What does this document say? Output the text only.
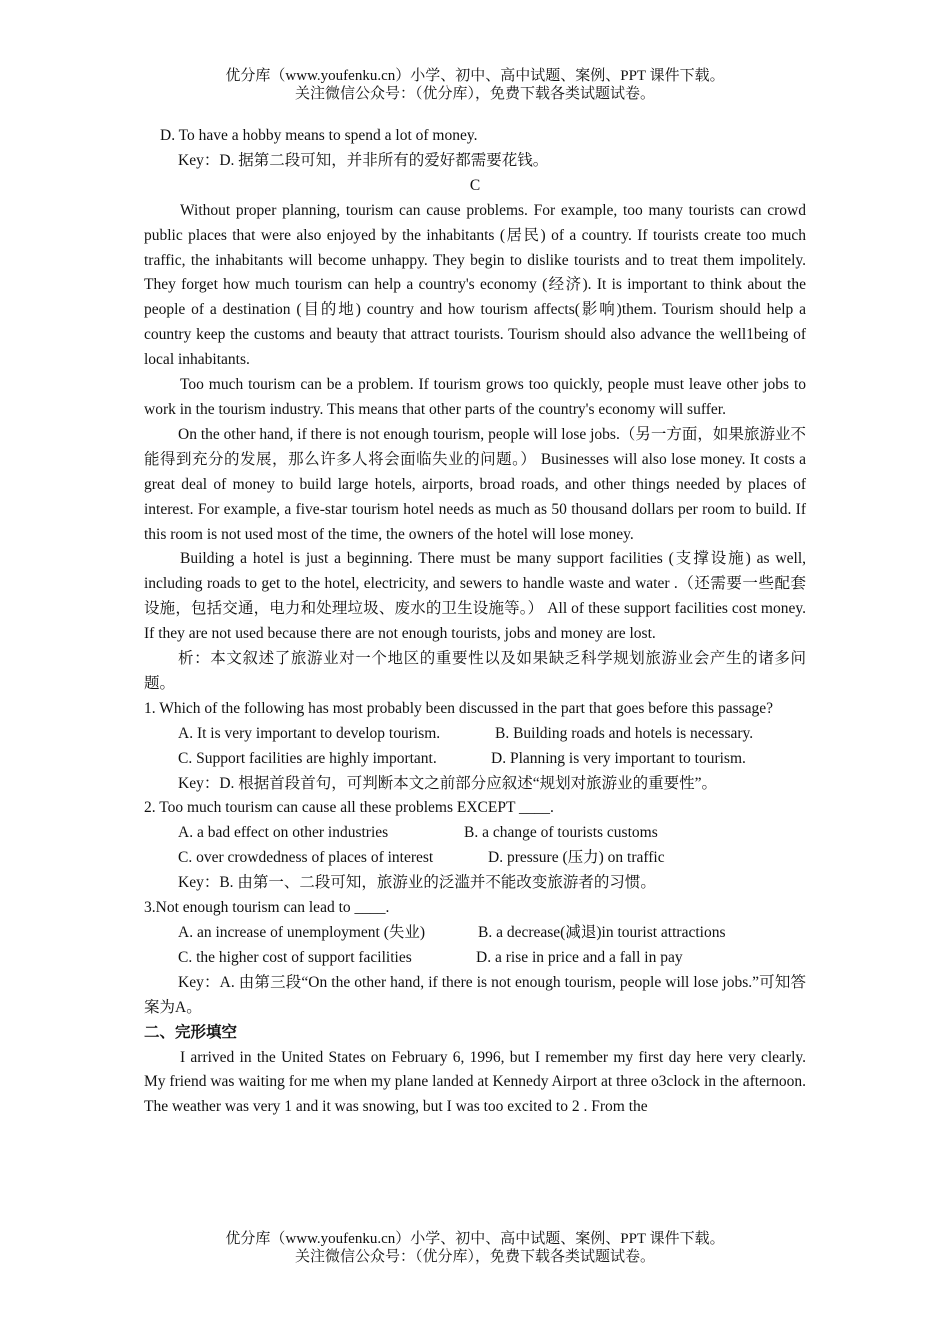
优分库（www.youfenku.cn）小学、初中、高中试题、案例、PPT 课件下载。
关注微信公众号：（优分库），免费下载各类试题试卷。

D. To have a hobby means to spend a lot of money.

Key：D. 据第二段可知，并非所有的爱好都需要花钱。

C

Without proper planning, tourism can cause problems. For example, too many tourists can crowd public places that were also enjoyed by the inhabitants (居民) of a country. If tourists create too much traffic, the inhabitants will become unhappy. They begin to dislike tourists and to treat them impolitely. They forget how much tourism can help a country's economy (经济). It is important to think about the people of a destination (目的地) country and how tourism affects(影响)them. Tourism should help a country keep the customs and beauty that attract tourists. Tourism should also advance the well1being of local inhabitants.

Too much tourism can be a problem. If tourism grows too quickly, people must leave other jobs to work in the tourism industry. This means that other parts of the country's economy will suffer.

On the other hand, if there is not enough tourism, people will lose jobs.（另一方面，如果旅游业不能得到充分的发展，那么许多人将会面临失业的问题。） Businesses will also lose money. It costs a great deal of money to build large hotels, airports, broad roads, and other things needed by places of interest. For example, a five-star tourism hotel needs as much as 50 thousand dollars per room to build. If this room is not used most of the time, the owners of the hotel will lose money.

Building a hotel is just a beginning. There must be many support facilities (支撑设施) as well, including roads to get to the hotel, electricity, and sewers to handle waste and water .（还需要一些配套设施，包括交通，电力和处理垃圾、废水的卫生设施等。） All of these support facilities cost money. If they are not used because there are not enough tourists, jobs and money are lost.

析：本文叙述了旅游业对一个地区的重要性以及如果缺乏科学规划旅游业会产生的诸多问题。

1. Which of the following has most probably been discussed in the part that goes before this passage?

A. It is very important to develop tourism.	B. Building roads and hotels is necessary.
C. Support facilities are highly important.	D. Planning is very important to tourism.

Key：D. 根据首段首句，可判断本文之前部分应叙述“规划对旅游业的重要性”。

2. Too much tourism can cause all these problems EXCEPT ____.

A. a bad effect on other industries	B. a change of tourists customs
C. over crowdedness of places of interest	D. pressure (压力) on traffic

Key：B. 由第一、二段可知，旅游业的泛滥并不能改变旅游者的习惯。

3.Not enough tourism can lead to ____.

A. an increase of unemployment (失业)	B. a decrease(减退)in tourist attractions
C. the higher cost of support facilities	D. a rise in price and a fall in pay

Key：A. 由第三段“On the other hand, if there is not enough tourism, people will lose jobs.”可知答案为A。

二、完形填空

I arrived in the United States on February 6, 1996, but I remember my first day here very clearly. My friend was waiting for me when my plane landed at Kennedy Airport at three o3clock in the afternoon. The weather was very 1 and it was snowing, but I was too excited to 2 . From the

优分库（www.youfenku.cn）小学、初中、高中试题、案例、PPT 课件下载。
关注微信公众号：（优分库），免费下载各类试题试卷。
